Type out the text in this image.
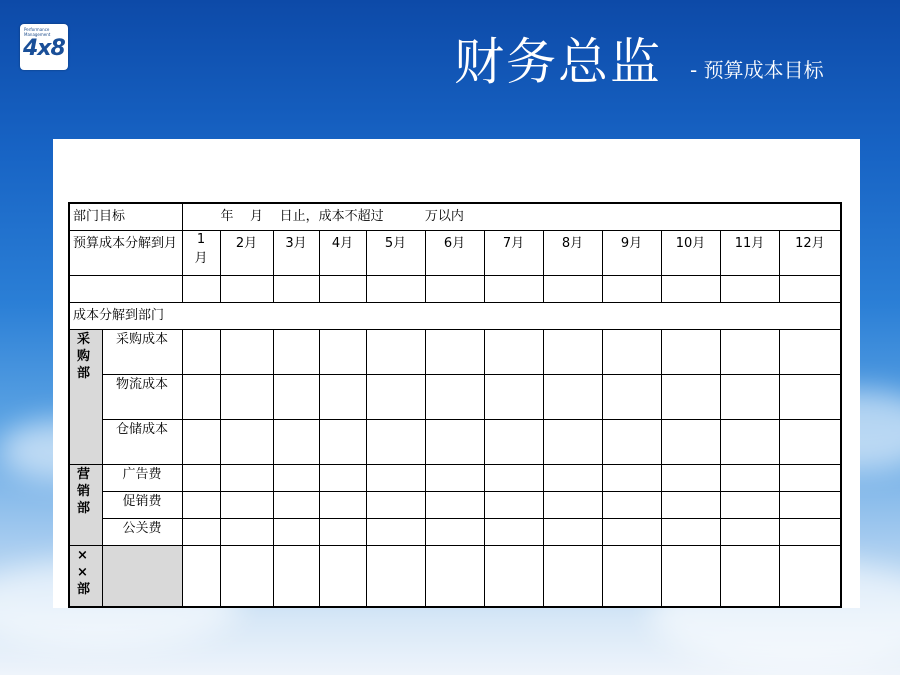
Performance Management
4x8	财务总监 - 预算成本目标
部门目标		年    月    日止，成本不超过          万以内											
预算成本分解到月		1月	2月	3月	4月	5月	6月	7月	8月	9月	10月	11月	12月

成本分解到部门													
采购部	采购成本												
	物流成本												
	仓储成本												
营销部	广告费												
	促销费												
	公关费												
××部													
